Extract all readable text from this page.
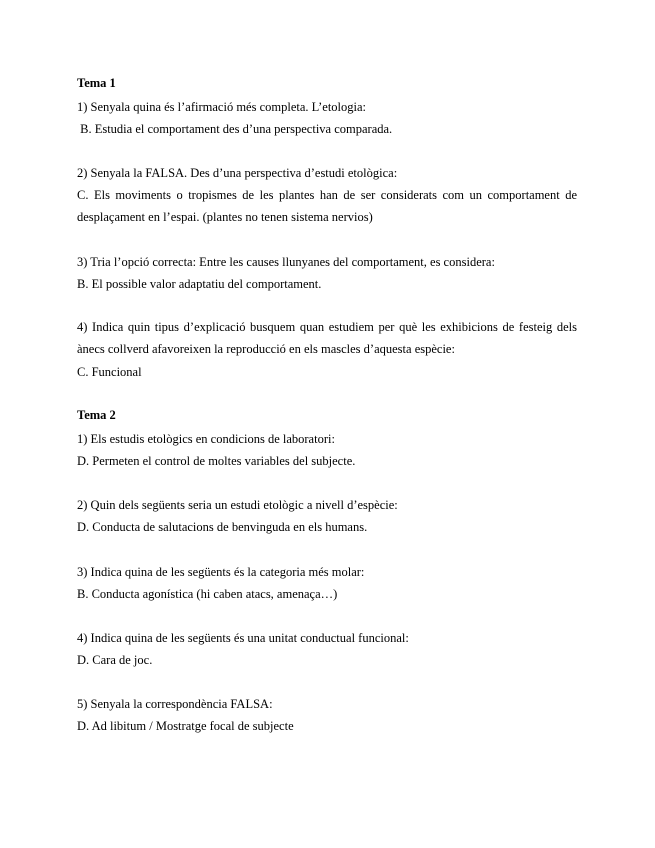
Tema 1
1) Senyala quina és l’afirmació més completa. L’etologia:
B. Estudia el comportament des d’una perspectiva comparada.
2) Senyala la FALSA. Des d’una perspectiva d’estudi etològica:
C. Els moviments o tropismes de les plantes han de ser considerats com un comportament de desplaçament en l’espai. (plantes no tenen sistema nervios)
3) Tria l’opció correcta: Entre les causes llunyanes del comportament, es considera:
B. El possible valor adaptatiu del comportament.
4) Indica quin tipus d’explicació busquem quan estudiem per què les exhibicions de festeig dels ànecs collverd afavoreixen la reproducció en els mascles d’aquesta espècie:
C. Funcional
Tema 2
1) Els estudis etològics en condicions de laboratori:
D. Permeten el control de moltes variables del subjecte.
2) Quin dels següents seria un estudi etològic a nivell d’espècie:
D. Conducta de salutacions de benvinguda en els humans.
3) Indica quina de les següents és la categoria més molar:
B. Conducta agonística (hi caben atacs, amenaça…)
4) Indica quina de les següents és una unitat conductual funcional:
D. Cara de joc.
5) Senyala la correspondència FALSA:
D. Ad libitum / Mostratge focal de subjecte
